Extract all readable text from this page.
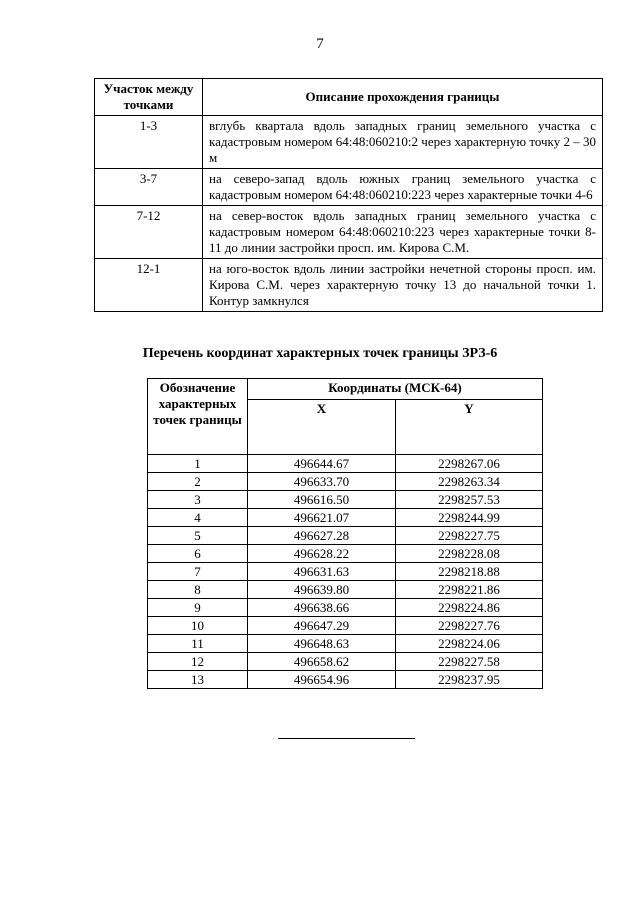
7
Участок между точками	Описание прохождения границы
1-3	вглубь квартала вдоль западных границ земельного участка с кадастровым номером 64:48:060210:2 через характерную точку 2 – 30 м
3-7	на северо-запад вдоль южных границ земельного участка с кадастровым номером 64:48:060210:223 через характерные точки 4-6
7-12	на север-восток вдоль западных границ земельного участка с кадастровым номером 64:48:060210:223 через характерные точки 8-11 до линии застройки просп. им. Кирова С.М.
12-1	на юго-восток вдоль линии застройки нечетной стороны просп. им. Кирова С.М. через характерную точку 13 до начальной точки 1. Контур замкнулся
Перечень координат характерных точек границы ЗРЗ-6
Обозначение характерных точек границы	Координаты (МСК-64)	
	X	Y
1	496644.67	2298267.06
2	496633.70	2298263.34
3	496616.50	2298257.53
4	496621.07	2298244.99
5	496627.28	2298227.75
6	496628.22	2298228.08
7	496631.63	2298218.88
8	496639.80	2298221.86
9	496638.66	2298224.86
10	496647.29	2298227.76
11	496648.63	2298224.06
12	496658.62	2298227.58
13	496654.96	2298237.95
